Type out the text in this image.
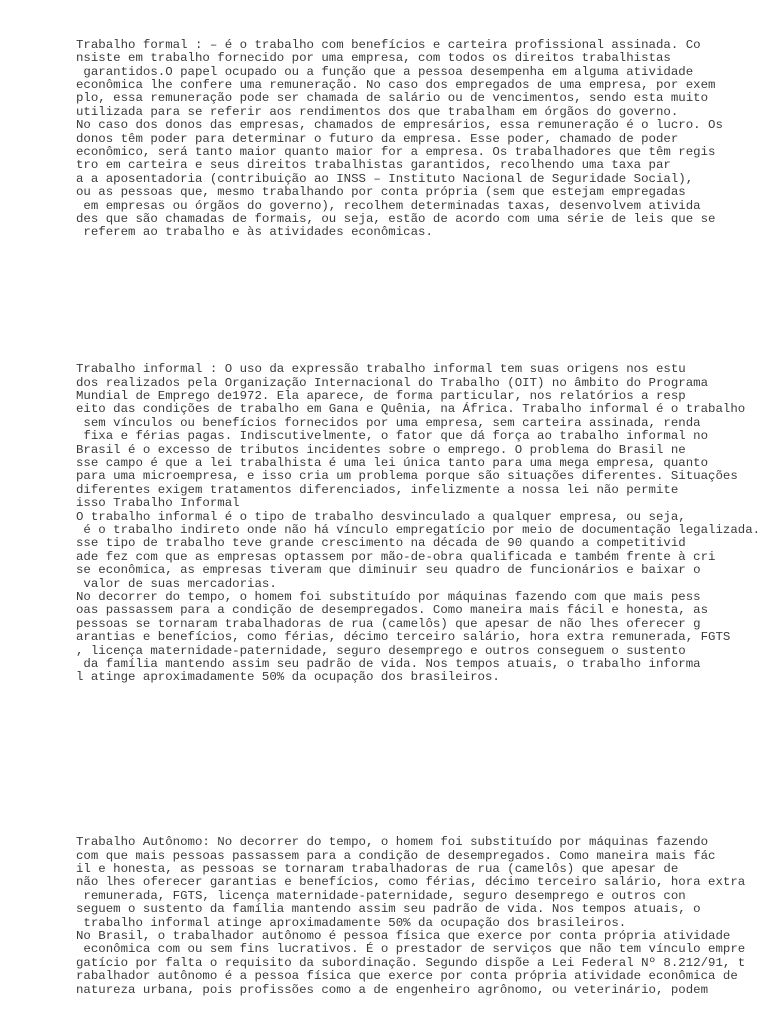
Trabalho formal : – é o trabalho com benefícios e carteira profissional assinada. Co
nsiste em trabalho fornecido por uma empresa, com todos os direitos trabalhistas
garantidos.O papel ocupado ou a função que a pessoa desempenha em alguma atividade
econômica lhe confere uma remuneração. No caso dos empregados de uma empresa, por exem
plo, essa remuneração pode ser chamada de salário ou de vencimentos, sendo esta muito
utilizada para se referir aos rendimentos dos que trabalham em órgãos do governo.
No caso dos donos das empresas, chamados de empresários, essa remuneração é o lucro. Os
donos têm poder para determinar o futuro da empresa. Esse poder, chamado de poder
econômico, será tanto maior quanto maior for a empresa. Os trabalhadores que têm regis
tro em carteira e seus direitos trabalhistas garantidos, recolhendo uma taxa par
a a aposentadoria (contribuição ao INSS – Instituto Nacional de Seguridade Social),
ou as pessoas que, mesmo trabalhando por conta própria (sem que estejam empregadas
em empresas ou órgãos do governo), recolhem determinadas taxas, desenvolvem ativida
des que são chamadas de formais, ou seja, estão de acordo com uma série de leis que se
referem ao trabalho e às atividades econômicas.

Trabalho informal : O uso da expressão trabalho informal tem suas origens nos estu
dos realizados pela Organização Internacional do Trabalho (OIT) no âmbito do Programa
Mundial de Emprego de1972. Ela aparece, de forma particular, nos relatórios a resp
eito das condições de trabalho em Gana e Quênia, na África. Trabalho informal é o trabalho
sem vínculos ou benefícios fornecidos por uma empresa, sem carteira assinada, renda
fixa e férias pagas. Indiscutivelmente, o fator que dá força ao trabalho informal no
Brasil é o excesso de tributos incidentes sobre o emprego. O problema do Brasil ne
sse campo é que a lei trabalhista é uma lei única tanto para uma mega empresa, quanto
para uma microempresa, e isso cria um problema porque são situações diferentes. Situações
diferentes exigem tratamentos diferenciados, infelizmente a nossa lei não permite
isso Trabalho Informal
O trabalho informal é o tipo de trabalho desvinculado a qualquer empresa, ou seja,
é o trabalho indireto onde não há vínculo empregatício por meio de documentação legalizada.
sse tipo de trabalho teve grande crescimento na década de 90 quando a competitivid
ade fez com que as empresas optassem por mão-de-obra qualificada e também frente à cri
se econômica, as empresas tiveram que diminuir seu quadro de funcionários e baixar o
valor de suas mercadorias.
No decorrer do tempo, o homem foi substituído por máquinas fazendo com que mais pess
oas passassem para a condição de desempregados. Como maneira mais fácil e honesta, as
pessoas se tornaram trabalhadoras de rua (camelôs) que apesar de não lhes oferecer g
arantias e benefícios, como férias, décimo terceiro salário, hora extra remunerada, FGTS
, licença maternidade-paternidade, seguro desemprego e outros conseguem o sustento
da família mantendo assim seu padrão de vida. Nos tempos atuais, o trabalho informa
l atinge aproximadamente 50% da ocupação dos brasileiros.

Trabalho Autônomo: No decorrer do tempo, o homem foi substituído por máquinas fazendo
com que mais pessoas passassem para a condição de desempregados. Como maneira mais fác
il e honesta, as pessoas se tornaram trabalhadoras de rua (camelôs) que apesar de
não lhes oferecer garantias e benefícios, como férias, décimo terceiro salário, hora extra
remunerada, FGTS, licença maternidade-paternidade, seguro desemprego e outros con
seguem o sustento da família mantendo assim seu padrão de vida. Nos tempos atuais, o
trabalho informal atinge aproximadamente 50% da ocupação dos brasileiros.
No Brasil, o trabalhador autônomo é pessoa física que exerce por conta própria atividade
econômica com ou sem fins lucrativos. É o prestador de serviços que não tem vínculo empre
gatício por falta o requisito da subordinação. Segundo dispõe a Lei Federal Nº 8.212/91, t
rabalhador autônomo é a pessoa física que exerce por conta própria atividade econômica de
natureza urbana, pois profissões como a de engenheiro agrônomo, ou veterinário, podem
